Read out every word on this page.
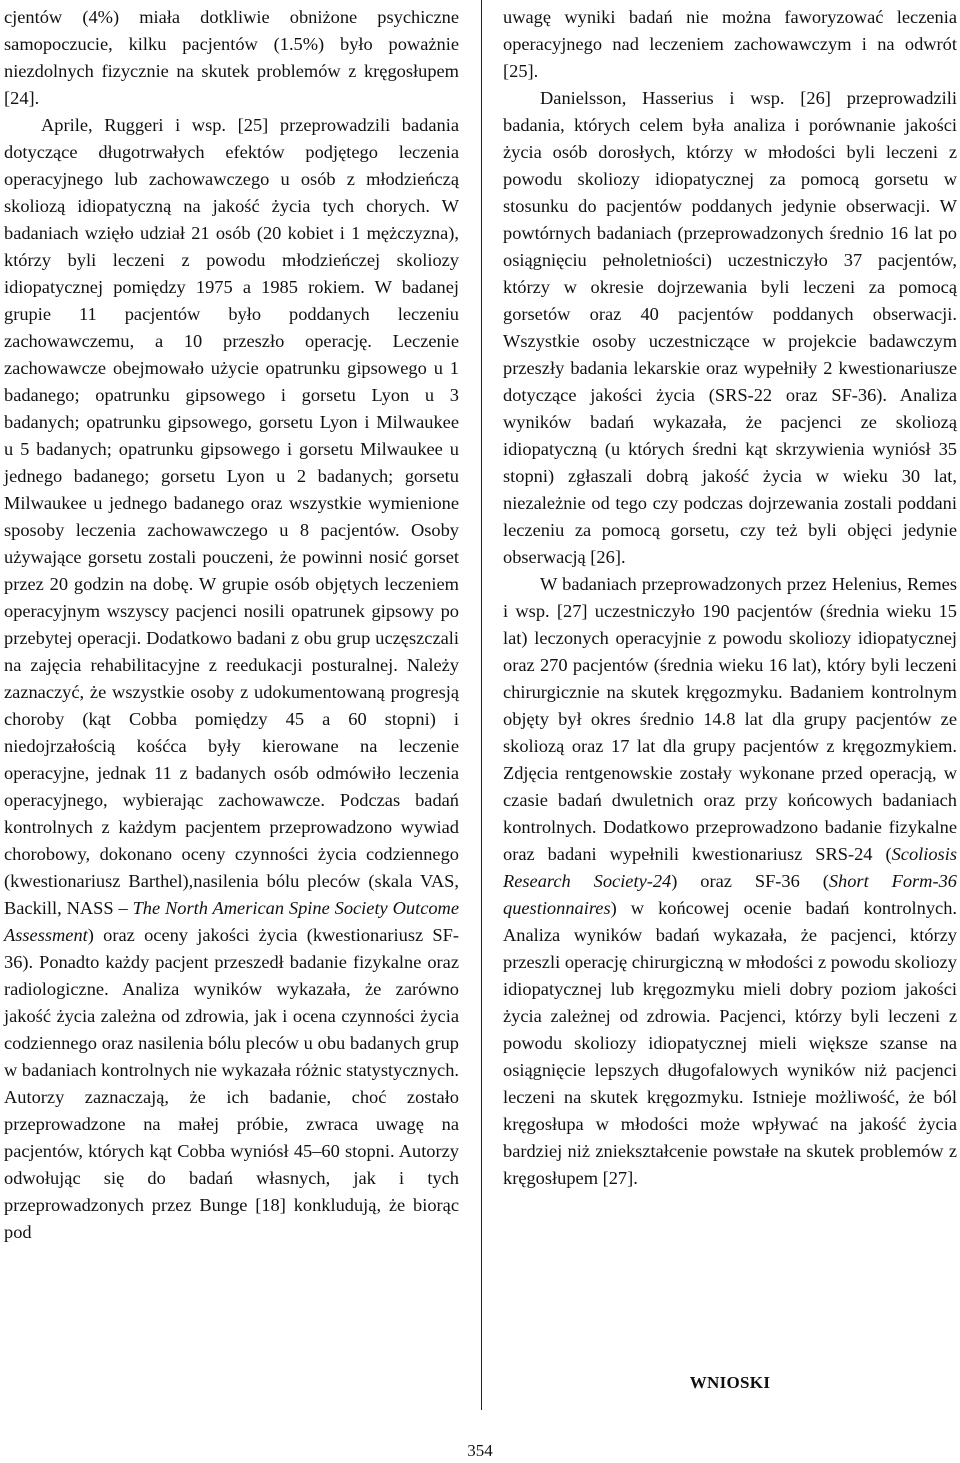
cjentów (4%) miała dotkliwie obniżone psychiczne samopoczucie, kilku pacjentów (1.5%) było poważnie niezdolnych fizycznie na skutek problemów z kręgosłupem [24].

Aprile, Ruggeri i wsp. [25] przeprowadzili badania dotyczące długotrwałych efektów podjętego leczenia operacyjnego lub zachowawczego u osób z młodzieńczą skoliozą idiopatyczną na jakość życia tych chorych. W badaniach wzięło udział 21 osób (20 kobiet i 1 mężczyzna), którzy byli leczeni z powodu młodzieńczej skoliozy idiopatycznej pomiędzy 1975 a 1985 rokiem. W badanej grupie 11 pacjentów było poddanych leczeniu zachowawczemu, a 10 przeszło operację. Leczenie zachowawcze obejmowało użycie opatrunku gipsowego u 1 badanego; opatrunku gipsowego i gorsetu Lyon u 3 badanych; opatrunku gipsowego, gorsetu Lyon i Milwaukee u 5 badanych; opatrunku gipsowego i gorsetu Milwaukee u jednego badanego; gorsetu Lyon u 2 badanych; gorsetu Milwaukee u jednego badanego oraz wszystkie wymienione sposoby leczenia zachowawczego u 8 pacjentów. Osoby używające gorsetu zostali pouczeni, że powinni nosić gorset przez 20 godzin na dobę. W grupie osób objętych leczeniem operacyjnym wszyscy pacjenci nosili opatrunek gipsowy po przebytej operacji. Dodatkowo badani z obu grup uczęszczali na zajęcia rehabilitacyjne z reedukacji posturalnej. Należy zaznaczyć, że wszystkie osoby z udokumentowaną progresją choroby (kąt Cobba pomiędzy 45 a 60 stopni) i niedojrzałością kośćca były kierowane na leczenie operacyjne, jednak 11 z badanych osób odmówiło leczenia operacyjnego, wybierając zachowawcze. Podczas badań kontrolnych z każdym pacjentem przeprowadzono wywiad chorobowy, dokonano oceny czynności życia codziennego (kwestionariusz Barthel),nasilenia bólu pleców (skala VAS, Backill, NASS – The North American Spine Society Outcome Assessment) oraz oceny jakości życia (kwestionariusz SF-36). Ponadto każdy pacjent przeszedł badanie fizykalne oraz radiologiczne. Analiza wyników wykazała, że zarówno jakość życia zależna od zdrowia, jak i ocena czynności życia codziennego oraz nasilenia bólu pleców u obu badanych grup w badaniach kontrolnych nie wykazała różnic statystycznych. Autorzy zaznaczają, że ich badanie, choć zostało przeprowadzone na małej próbie, zwraca uwagę na pacjentów, których kąt Cobba wyniósł 45–60 stopni. Autorzy odwołując się do badań własnych, jak i tych przeprowadzonych przez Bunge [18] konkludują, że biorąc pod

uwagę wyniki badań nie można faworyzować leczenia operacyjnego nad leczeniem zachowawczym i na odwrót [25].

Danielsson, Hasserius i wsp. [26] przeprowadzili badania, których celem była analiza i porównanie jakości życia osób dorosłych, którzy w młodości byli leczeni z powodu skoliozy idiopatycznej za pomocą gorsetu w stosunku do pacjentów poddanych jedynie obserwacji. W powtórnych badaniach (przeprowadzonych średnio 16 lat po osiągnięciu pełnoletniości) uczestniczyło 37 pacjentów, którzy w okresie dojrzewania byli leczeni za pomocą gorsetów oraz 40 pacjentów poddanych obserwacji. Wszystkie osoby uczestniczące w projekcie badawczym przeszły badania lekarskie oraz wypełniły 2 kwestionariusze dotyczące jakości życia (SRS-22 oraz SF-36). Analiza wyników badań wykazała, że pacjenci ze skoliozą idiopatyczną (u których średni kąt skrzywienia wyniósł 35 stopni) zgłaszali dobrą jakość życia w wieku 30 lat, niezależnie od tego czy podczas dojrzewania zostali poddani leczeniu za pomocą gorsetu, czy też byli objęci jedynie obserwacją [26].

W badaniach przeprowadzonych przez Helenius, Remes i wsp. [27] uczestniczyło 190 pacjentów (średnia wieku 15 lat) leczonych operacyjnie z powodu skoliozy idiopatycznej oraz 270 pacjentów (średnia wieku 16 lat), który byli leczeni chirurgicznie na skutek kręgozmyku. Badaniem kontrolnym objęty był okres średnio 14.8 lat dla grupy pacjentów ze skoliozą oraz 17 lat dla grupy pacjentów z kręgozmykiem. Zdjęcia rentgenowskie zostały wykonane przed operacją, w czasie badań dwuletnich oraz przy końcowych badaniach kontrolnych. Dodatkowo przeprowadzono badanie fizykalne oraz badani wypełnili kwestionariusz SRS-24 (Scoliosis Research Society-24) oraz SF-36 (Short Form-36 questionnaires) w końcowej ocenie badań kontrolnych. Analiza wyników badań wykazała, że pacjenci, którzy przeszli operację chirurgiczną w młodości z powodu skoliozy idiopatycznej lub kręgozmyku mieli dobry poziom jakości życia zależnej od zdrowia. Pacjenci, którzy byli leczeni z powodu skoliozy idiopatycznej mieli większe szanse na osiągnięcie lepszych długofalowych wyników niż pacjenci leczeni na skutek kręgozmyku. Istnieje możliwość, że ból kręgosłupa w młodości może wpływać na jakość życia bardziej niż zniekształcenie powstałe na skutek problemów z kręgosłupem [27].

WNIOSKI
354
